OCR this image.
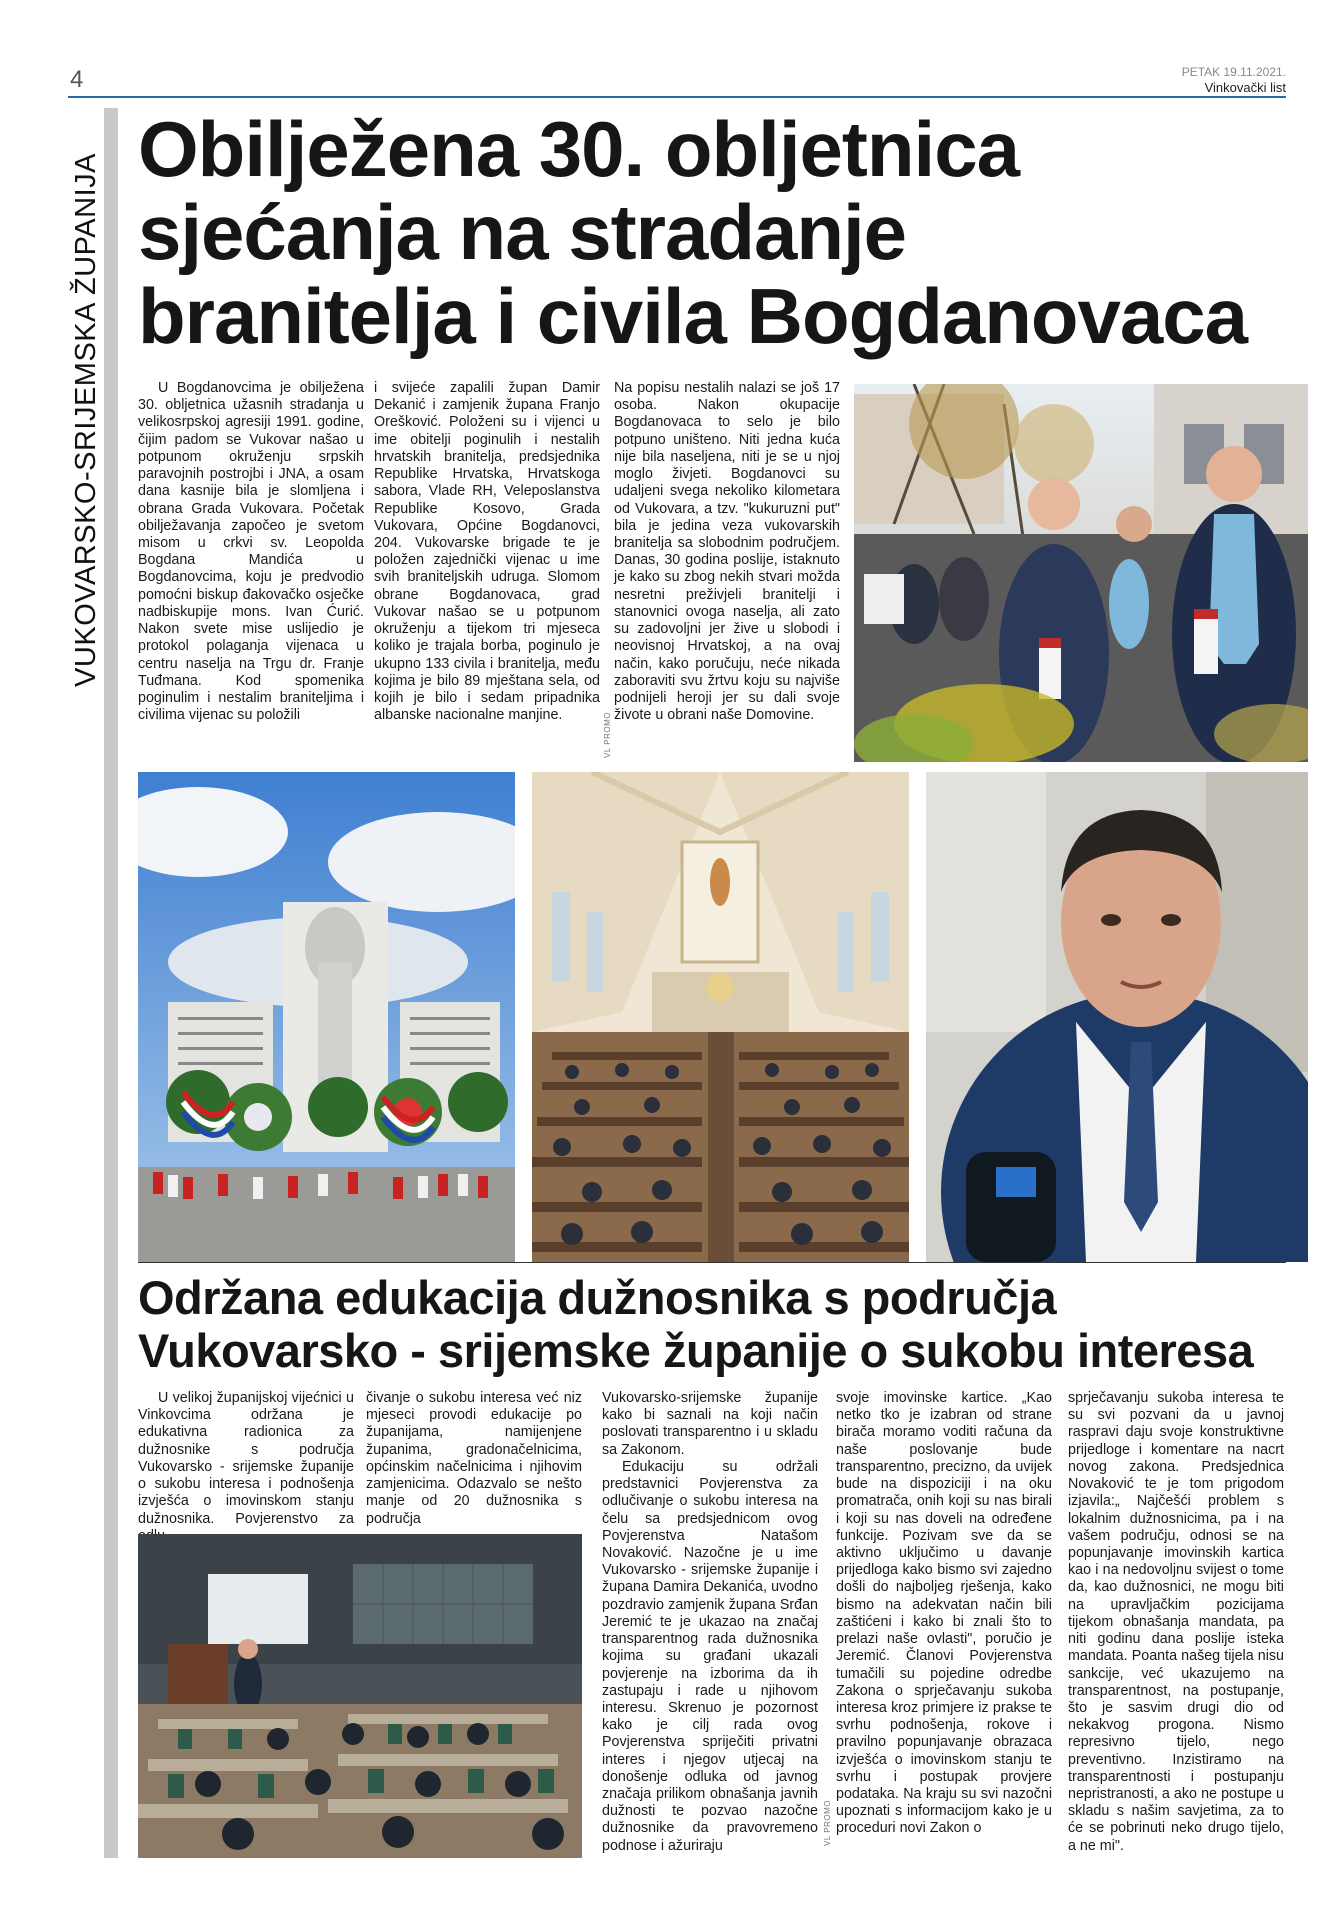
4	PETAK 19.11.2021.
Vinkovački list
VUKOVARSKO-SRIJEMSKA ŽUPANIJA
Obilježena 30. obljetnica
sjećanja na stradanje
branitelja i civila Bogdanovaca
U Bogdanovcima je obilježena 30. obljetnica užasnih stradanja u velikosrpskoj agresiji 1991. godine, čijim padom se Vukovar našao u potpunom okruženju srpskih paravojnih postrojbi i JNA, a osam dana kasnije bila je slomljena i obrana Grada Vukovara. Početak obilježavanja započeo je svetom misom u crkvi sv. Leopolda Bogdana Mandića u Bogdanovcima, koju je predvodio pomoćni biskup đakovačko osječke nadbiskupije mons. Ivan Ćurić. Nakon svete mise uslijedio je protokol polaganja vijenaca u centru naselja na Trgu dr. Franje Tuđmana. Kod spomenika poginulim i nestalim braniteljima i civilima vijenac su položili
i svijeće zapalili župan Damir Dekanić i zamjenik župana Franjo Orešković. Položeni su i vijenci u ime obitelji poginulih i nestalih hrvatskih branitelja, predsjednika Republike Hrvatska, Hrvatskoga sabora, Vlade RH, Veleposlanstva Republike Kosovo, Grada Vukovara, Općine Bogdanovci, 204. Vukovarske brigade te je položen zajednički vijenac u ime svih braniteljskih udruga. Slomom obrane Bogdanovaca, grad Vukovar našao se u potpunom okruženju a tijekom tri mjeseca koliko je trajala borba, poginulo je ukupno 133 civila i branitelja, među kojima je bilo 89 mještana sela, od kojih je bilo i sedam pripadnika albanske nacionalne manjine.	VL PROMO
Na popisu nestalih nalazi se još 17 osoba. Nakon okupacije Bogdanovaca to selo je bilo potpuno uništeno. Niti jedna kuća nije bila naseljena, niti je se u njoj moglo živjeti. Bogdanovci su udaljeni svega nekoliko kilometara od Vukovara, a tzv. "kukuruzni put" bila je jedina veza vukovarskih branitelja sa slobodnim područjem. Danas, 30 godina poslije, istaknuto je kako su zbog nekih stvari možda nesretni preživjeli branitelji i stanovnici ovoga naselja, ali zato su zadovoljni jer žive u slobodi i neovisnoj Hrvatskoj, a na ovaj način, kako poručuju, neće nikada zaboraviti svu žrtvu koju su najviše podnijeli heroji jer su dali svoje živote u obrani naše Domovine.
Održana edukacija dužnosnika s područja
Vukovarsko - srijemske županije o sukobu interesa
U velikoj županijskoj vijećnici u Vinkovcima održana je edukativna radionica za dužnosnike s područja Vukovarsko - srijemske županije o sukobu interesa i podnošenja izvješća o imovinskom stanju dužnosnika. Povjerenstvo za
čivanje o sukobu interesa već niz mjeseci provodi edukacije po županijama, namijenjene županima, gradonačelnicima, općinskim načelnicima i njihovim zamjenicima. Odazvalo se nešto manje od 20 dužnosnika s područja
Vukovarsko-srijemske županije kako bi saznali na koji način poslovati transparentno i u skladu sa Zakonom.
Edukaciju su održali predstavnici Povjerenstva za odlučivanje o sukobu interesa na čelu sa predsjednicom ovog Povjerenstva Natašom Novaković. Nazočne je u ime Vukovarsko - srijemske županije i župana Damira Dekanića, uvodno pozdravio zamjenik župana Srđan Jeremić te je ukazao na značaj transparentnog rada dužnosnika kojima su građani ukazali povjerenje na izborima da ih zastupaju i rade u njihovom interesu. Skrenuo je pozornost kako je cilj rada ovog Povjerenstva spriječiti privatni interes i njegov utjecaj na donošenje odluka od javnog značaja prilikom obnašanja javnih dužnosti te pozvao nazočne dužnosnike da pravovremeno podnose i ažuriraju	VL PROMO
svoje imovinske kartice. „Kao netko tko je izabran od strane birača moramo voditi računa da naše poslovanje bude transparentno, precizno, da uvijek bude na dispoziciji i na oku promatrača, onih koji su nas birali i koji su nas doveli na određene funkcije. Pozivam sve da se aktivno uključimo u davanje prijedloga kako bismo svi zajedno došli do najboljeg rješenja, kako bismo na adekvatan način bili zaštićeni i kako bi znali što to prelazi naše ovlasti", poručio je Jeremić. Članovi Povjerenstva tumačili su pojedine odredbe Zakona o sprječavanju sukoba interesa kroz primjere iz prakse te svrhu podnošenja, rokove i pravilno popunjavanje obrazaca izvješća o imovinskom stanju te svrhu i postupak provjere podataka. Na kraju su svi nazočni upoznati s informacijom kako je u proceduri novi Zakon o
sprječavanju sukoba interesa te su svi pozvani da u javnoj raspravi daju svoje konstruktivne prijedloge i komentare na nacrt novog zakona. Predsjednica Novaković te je tom prigodom izjavila:„ Najčešći problem s lokalnim dužnosnicima, pa i na vašem području, odnosi se na popunjavanje imovinskih kartica kao i na nedovoljnu svijest o tome da, kao dužnosnici, ne mogu biti na upravljačkim pozicijama tijekom obnašanja mandata, pa niti godinu dana poslije isteka mandata. Poanta našeg tijela nisu sankcije, već ukazujemo na transparentnost, na postupanje, što je sasvim drugi dio od nekakvog progona. Nismo represivno tijelo, nego preventivno. Inzistiramo na transparentnosti i postupanju nepristranosti, a ako ne postupe u skladu s našim savjetima, za to će se pobrinuti neko drugo tijelo, a ne mi".
